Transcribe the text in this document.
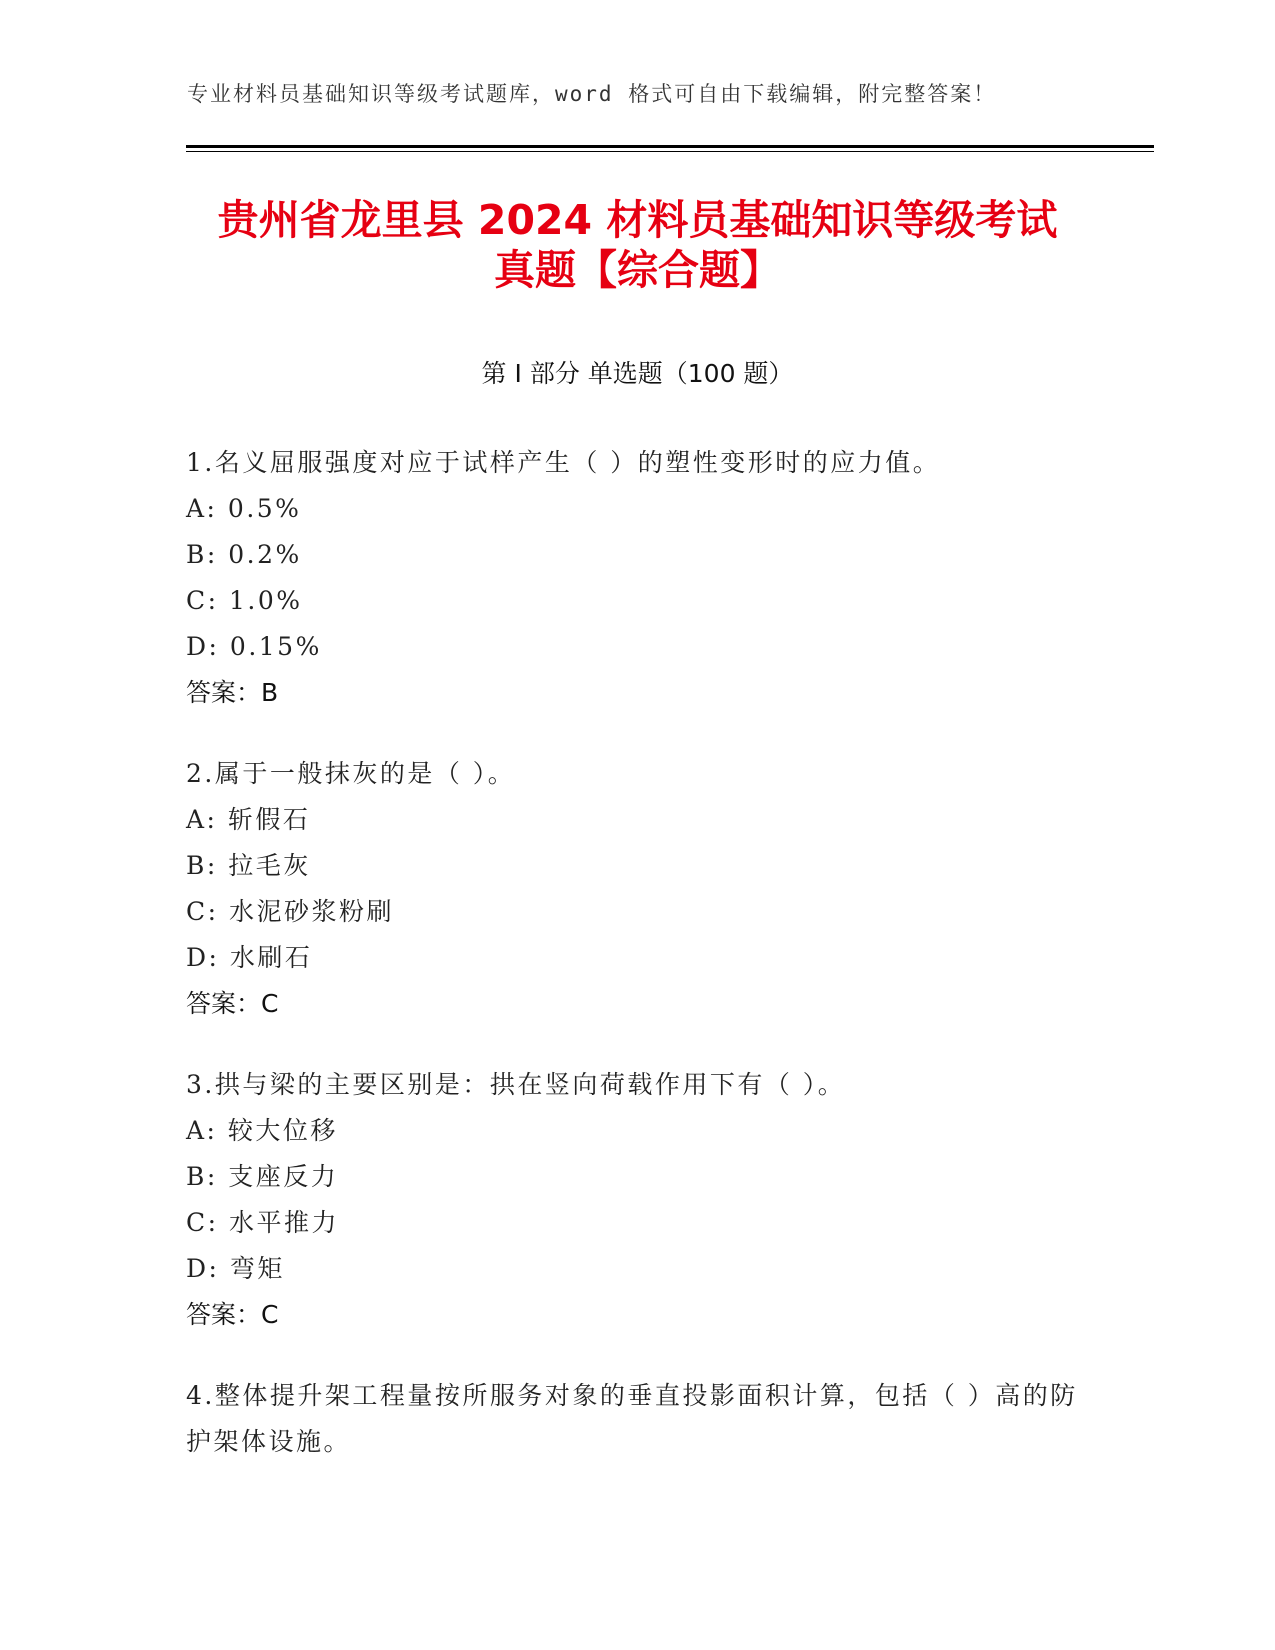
专业材料员基础知识等级考试题库，word 格式可自由下载编辑，附完整答案！
贵州省龙里县 2024 材料员基础知识等级考试
真题【综合题】
第 I 部分 单选题（100 题）
1.名义屈服强度对应于试样产生（ ）的塑性变形时的应力值。
A: 0.5%
B: 0.2%
C: 1.0%
D: 0.15%
答案：B
2.属于一般抹灰的是（ ）。
A: 斩假石
B: 拉毛灰
C: 水泥砂浆粉刷
D: 水刷石
答案：C
3.拱与梁的主要区别是：拱在竖向荷载作用下有（ ）。
A: 较大位移
B: 支座反力
C: 水平推力
D: 弯矩
答案：C
4.整体提升架工程量按所服务对象的垂直投影面积计算，包括（ ）高的防护架体设施。
